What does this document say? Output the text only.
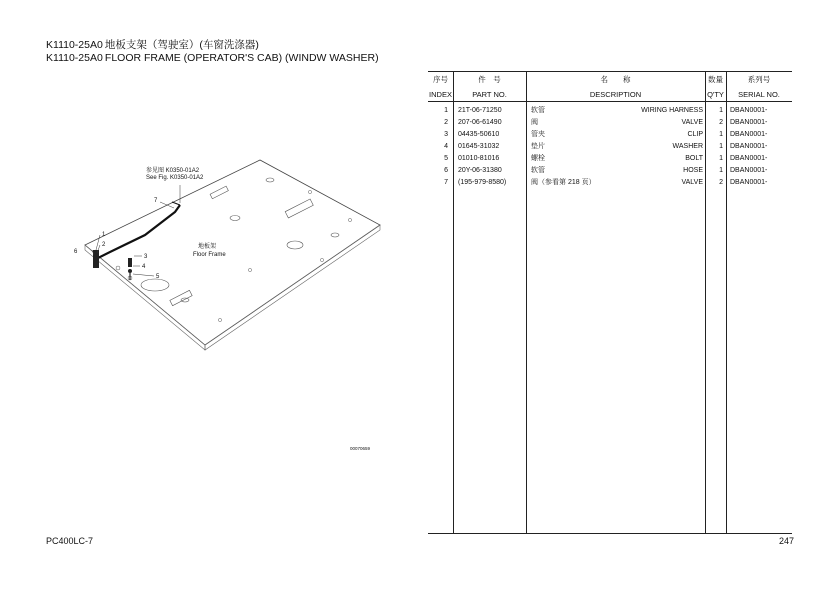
K1110-25A0 地板支架（驾驶室）(车窗洗涤器)
K1110-25A0 FLOOR FRAME (OPERATOR'S CAB) (WINDW WASHER)
1
2
3
4
5
6
7
参见图 K0350-01A2
See Fig. K0350-01A2
地板架
Floor Frame
00070659
序号	件　号	名　　称	数量	系列号
INDEX	PART NO.	DESCRIPTION	Q'TY	SERIAL NO.
1 21T-06-71250	软管	WIRING HARNESS	1 DBAN0001-
2 207-06-61490	阀	VALVE	2 DBAN0001-
3 04435-50610	管夹	CLIP	1 DBAN0001-
4 01645-31032	垫片	WASHER	1 DBAN0001-
5 01010-81016	螺栓	BOLT	1 DBAN0001-
6 20Y-06-31380	软管	HOSE	1 DBAN0001-
7 (195-979-8580)	阀（参看第 218 页）	VALVE	2 DBAN0001-
PC400LC-7	247
